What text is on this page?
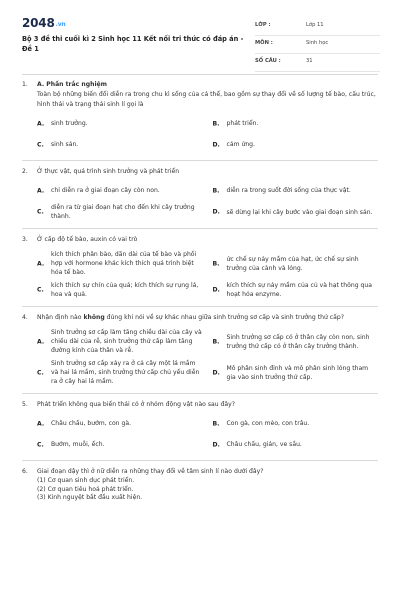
2048.vn
Bộ 3 đề thi cuối kì 2 Sinh học 11 Kết nối tri thức có đáp án - Đề 1
LỚP :	Lớp 11
MÔN :	Sinh học
SỐ CÂU :	31
1. A. Phần trắc nghiệm
Toàn bộ những biến đổi diễn ra trong chu kì sống của cá thể, bao gồm sự thay đổi về số lượng tế bào, cấu trúc, hình thái và trạng thái sinh lí gọi là
A. sinh trưởng.	B. phát triển.
C. sinh sản.	D. cảm ứng.
2. Ở thực vật, quá trình sinh trưởng và phát triển
A. chỉ diễn ra ở giai đoạn cây còn non.	B. diễn ra trong suốt đời sống của thực vật.
C.
diễn ra từ giai đoạn hạt cho đến khi cây trưởng thành.
D. sẽ dừng lại khi cây bước vào giai đoạn sinh sản.
3. Ở cấp độ tế bào, auxin có vai trò
A.
kích thích phân bào, dãn dài của tế bào và phối hợp với hormone khác kích thích quá trình biệt hóa tế bào.
B.
ức chế sự nảy mầm của hạt, ức chế sự sinh trưởng của cành và lóng.
C.
kích thích sự chín của quả; kích thích sự rụng lá, hoa và quả.
D.
kích thích sự nảy mầm của củ và hạt thông qua hoạt hóa enzyme.
4. Nhận định nào không đúng khi nói về sự khác nhau giữa sinh trưởng sơ cấp và sinh trưởng thứ cấp?
A.
Sinh trưởng sơ cấp làm tăng chiều dài của cây và chiều dài của rễ, sinh trưởng thứ cấp làm tăng đường kính của thân và rễ.
B.
Sinh trưởng sơ cấp có ở thân cây còn non, sinh trưởng thứ cấp có ở thân cây trưởng thành.
C.
Sinh trưởng sơ cấp xảy ra ở cả cây một lá mầm và hai lá mầm, sinh trưởng thứ cấp chủ yếu diễn ra ở cây hai lá mầm.
D.
Mô phân sinh đỉnh và mô phân sinh lóng tham gia vào sinh trưởng thứ cấp.
5. Phát triển không qua biến thái có ở nhóm động vật nào sau đây?
A. Châu chấu, bướm, con gà.	B. Con gà, con mèo, con trâu.
C. Bướm, muỗi, ếch.	D. Châu chấu, gián, ve sầu.
6. Giai đoạn dậy thì ở nữ diễn ra những thay đổi về tâm sinh lí nào dưới đây?
(1) Cơ quan sinh dục phát triển.
(2) Cơ quan tiêu hoá phát triển.
(3) Kinh nguyệt bắt đầu xuất hiện.
